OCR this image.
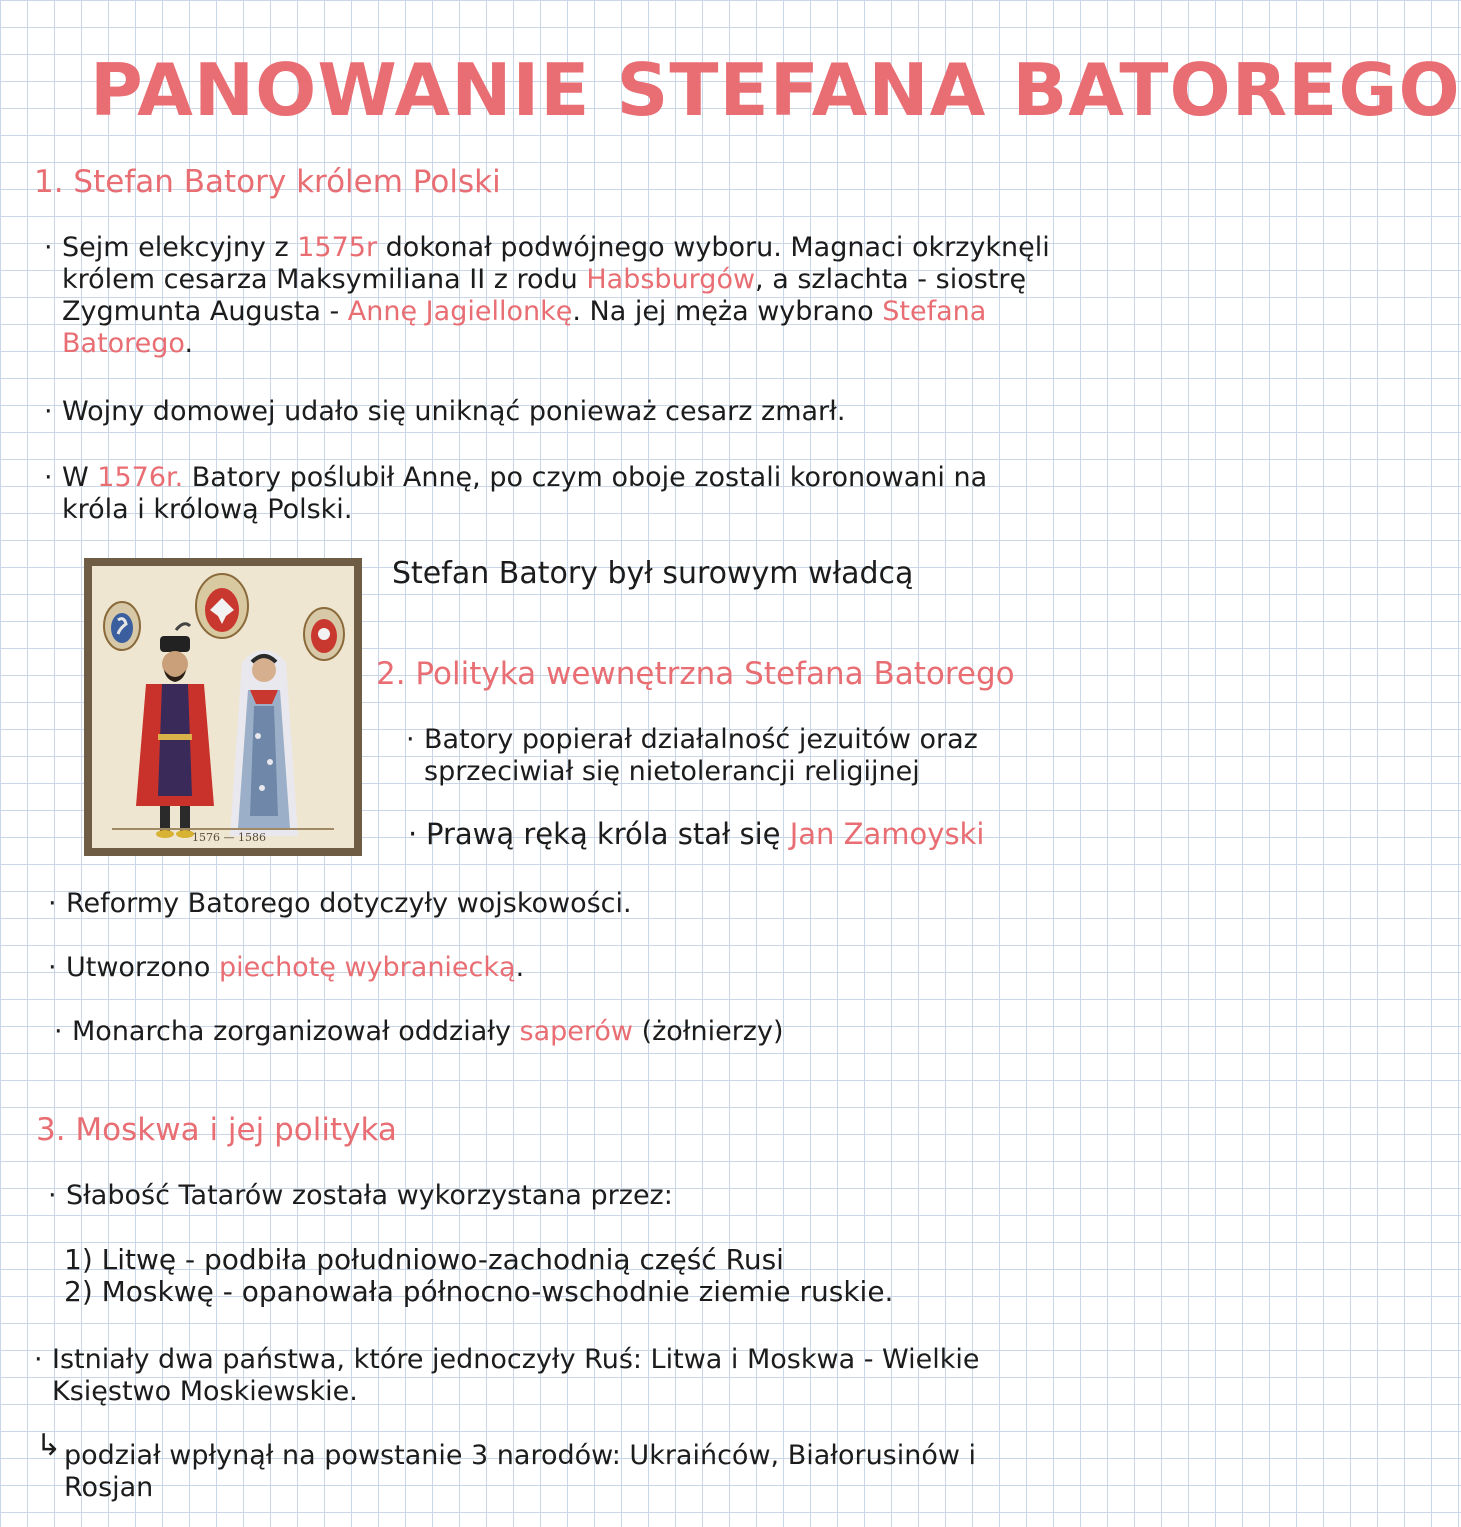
PANOWANIE STEFANA BATOREGO
1. Stefan Batory królem Polski
· Sejm elekcyjny z 1575r dokonał podwójnego wyboru. Magnaci okrzyknęli królem cesarza Maksymiliana II z rodu Habsburgów, a szlachta - siostrę Zygmunta Augusta - Annę Jagiellonkę. Na jej męża wybrano Stefana Batorego.
· Wojny domowej udało się uniknąć ponieważ cesarz zmarł.
· W 1576r. Batory poślubił Annę, po czym oboje zostali koronowani na króla i królową Polski.
1576 — 1586
Stefan Batory był surowym władcą
2. Polityka wewnętrzna Stefana Batorego
· Batory popierał działalność jezuitów oraz sprzeciwiał się nietolerancji religijnej
· Prawą ręką króla stał się Jan Zamoyski
· Reformy Batorego dotyczyły wojskowości.
· Utworzono piechotę wybraniecką.
· Monarcha zorganizował oddziały saperów (żołnierzy)
3. Moskwa i jej polityka
· Słabość Tatarów została wykorzystana przez:
1) Litwę - podbiła południowo-zachodnią część Rusi
2) Moskwę - opanowała północno-wschodnie ziemie ruskie.
· Istniały dwa państwa, które jednoczyły Ruś: Litwa i Moskwa - Wielkie Księstwo Moskiewskie.
↳ podział wpłynął na powstanie 3 narodów: Ukraińców, Białorusinów i Rosjan
